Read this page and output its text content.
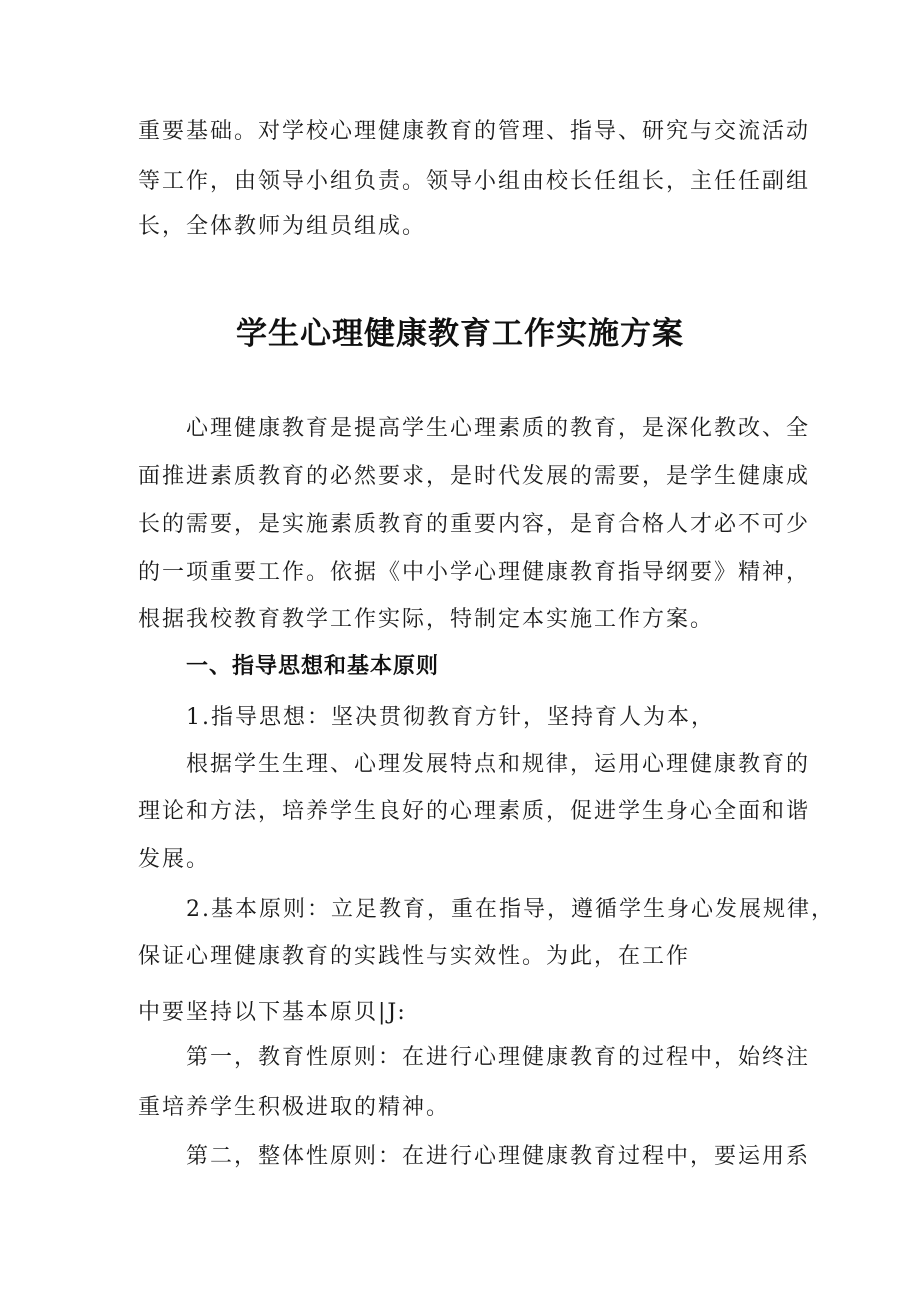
重要基础。对学校心理健康教育的管理、指导、研究与交流活动
等工作，由领导小组负责。领导小组由校长任组长，主任任副组
长，全体教师为组员组成。
学生心理健康教育工作实施方案
心理健康教育是提高学生心理素质的教育，是深化教改、全
面推进素质教育的必然要求，是时代发展的需要，是学生健康成
长的需要，是实施素质教育的重要内容，是育合格人才必不可少
的一项重要工作。依据《中小学心理健康教育指导纲要》精神，
根据我校教育教学工作实际，特制定本实施工作方案。
一、指导思想和基本原则
1.指导思想：坚决贯彻教育方针，坚持育人为本，
根据学生生理、心理发展特点和规律，运用心理健康教育的
理论和方法，培养学生良好的心理素质，促进学生身心全面和谐
发展。
2.基本原则：立足教育，重在指导，遵循学生身心发展规律，
保证心理健康教育的实践性与实效性。为此，在工作
中要坚持以下基本原贝|J:
第一，教育性原则：在进行心理健康教育的过程中，始终注
重培养学生积极进取的精神。
第二，整体性原则：在进行心理健康教育过程中，要运用系
